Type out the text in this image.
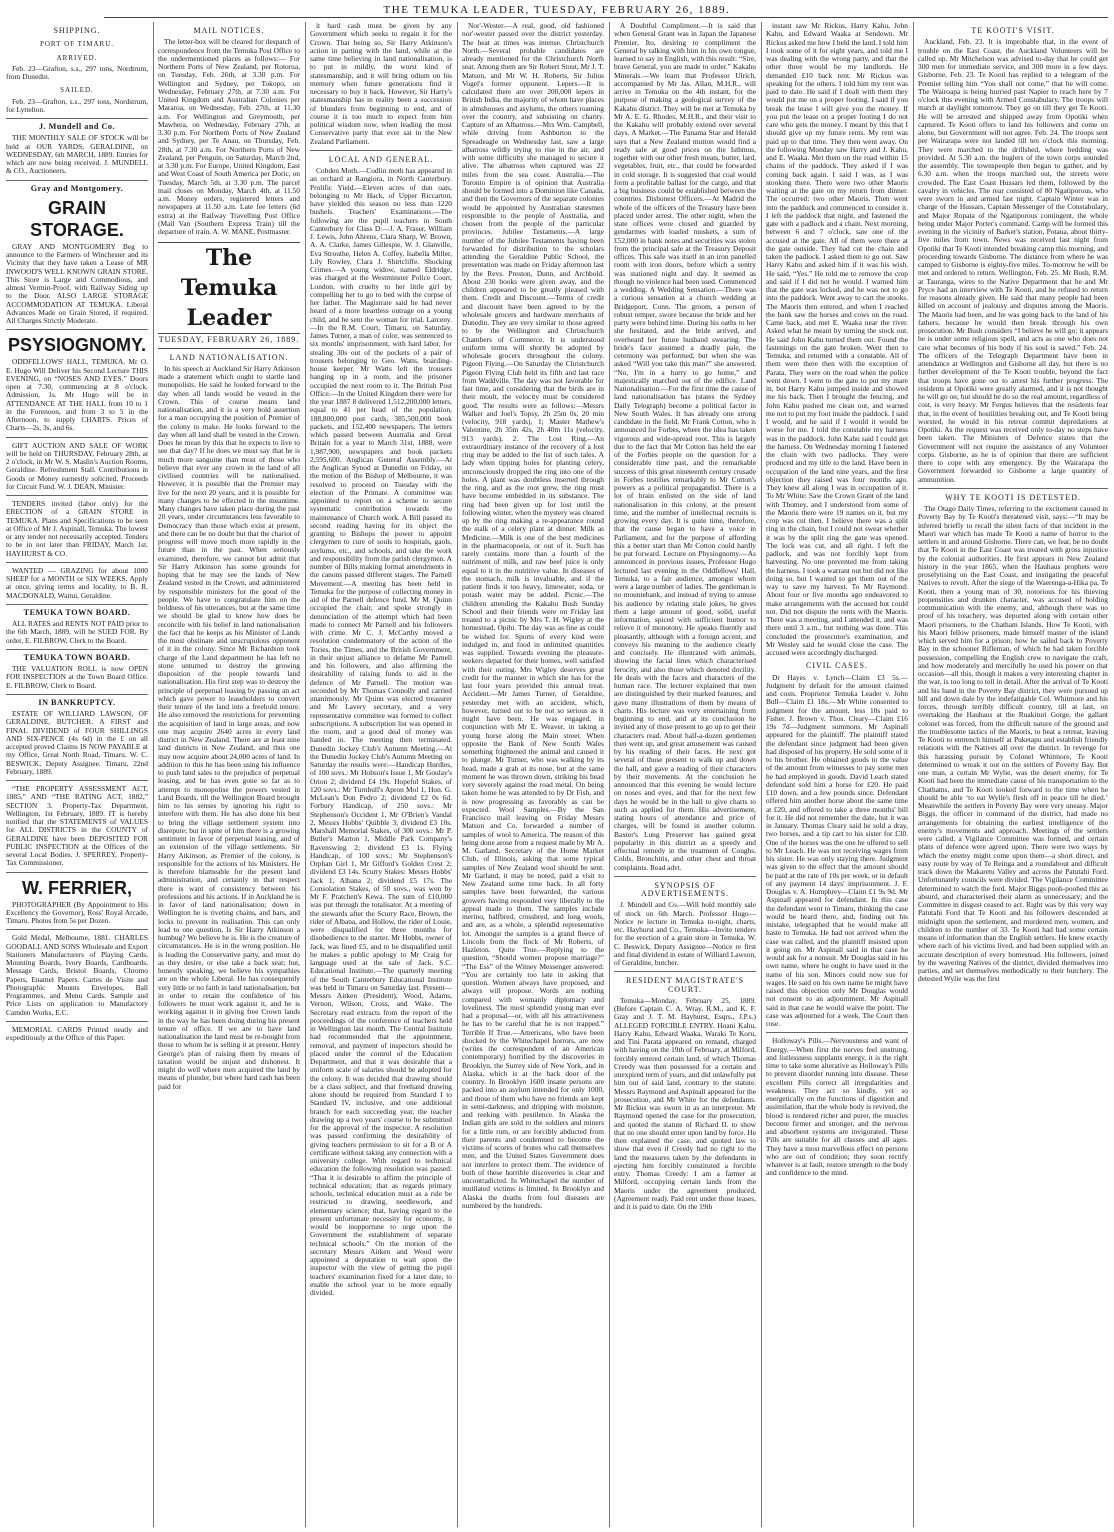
THE TEMUKA LEADER, TUESDAY, FEBRUARY 26, 1889.
SHIPPING.
PORT OF TIMARU.
ARRIVED.

Feb. 23—Grafton, s.s., 297 tons, Nordtrum, from Dunedin.

SAILED.

Feb. 23—Grafton, s.s., 297 tons, Nordstrum, for Lyttelton.

J. Mundell and Co.

THE MONTHLY SALE OF STOCK will be held at OUR YARDS, GERALDINE, on WEDNESDAY, 6th MARCH, 1889. Entries for which are now being received. J. MUNDELL & CO., Auctioneers.

Gray and Montgomery.
GRAIN STORAGE.

GRAY AND MONTGOMERY Beg to announce to the Farmers of Winchester and its Vicinity that they have taken a Lease of MR INWOOD'S WELL KNOWN GRAIN STORE. This Store is Large and Commodious, and almost Vermin-Proof, with Railway Siding up to the Door. ALSO LARGE STORAGE ACCOMMODATION AT TEMUKA. Liberal Advances Made on Grain Stored, if required. All Charges Strictly Moderate.

PSYSIOGNOMY.

ODDFELLOWS' HALL, TEMUKA. Mr O. E. Hugo Will Deliver his Second Lecture THIS EVENING, on “NOSES AND EYES.” Doors open at 7.30, commencing at 8 o'clock. Admission, 1s. Mr Hugo will be in ATTENDANCE AT THE HALL from 10 to 1 in the Forenoon, and from 3 to 5 in the Afternoon, to supply CHARTS. Prices of Charts—2s, 3s, and 6s.

GIFT AUCTION AND SALE OF WORK will be held on THURSDAY, February 28th, at 2 o'clock, in Mr W. S. Maslin's Auction Rooms, Geraldine. Refreshment Stall. Contributions in Goods or Money earnestly solicited. Proceeds for Circuit Fund. W. J. DEAN, Minister.

TENDERS invited (labor only) for the ERECTION of a GRAIN STORE in TEMUKA. Plans and Specifications to be seen at Office of Mr J. Aspinall, Temuka. The lowest or any tender not necessarily accepted. Tenders to be in not later than FRIDAY, March 1st. HAYHURST & CO.

WANTED — GRAZING for about 1000 SHEEP for a MONTH or SIX WEEKS. Apply at once, giving terms and locality, to B. R. MACDONALD, Waitui, Geraldine.

TEMUKA TOWN BOARD.

ALL RATES and RENTS NOT PAID prior to the 6th March, 1889, will be SUED FOR. By order, E. FILBROW, Clerk to the Board.

TEMUKA TOWN BOARD.

THE VALUATION ROLL is now OPEN FOR INSPECTION at the Town Board Office. E. FILBROW, Clerk to Board.

IN BANKRUPTCY.

ESTATE OF WILLIARD LAWSON, OF GERALDINE, BUTCHER. A FIRST and FINAL DIVIDEND of FOUR SHILLINGS AND SIX-PENCE (4s 6d) in the £ on all accepted proved Claims IS NOW PAYABLE at my Office, Great North Road, Timaru. W. C. BESWICK, Deputy Assignee. Timaru, 22nd February, 1889.

“THE PROPERTY ASSESSMENT ACT, 1885,” AND “THE RATING ACT, 1882,” SECTION 3. Property-Tax Department, Wellington, 1st February, 1889. IT is hereby notified that the STATEMENTS of VALUES for ALL DISTRICTS in the COUNTY of GERALDINE have been DEPOSITED FOR PUBLIC INSPECTION at the Offices of the several Local Bodies. J. SPERREY, Property-Tax Commissioner.

W. FERRIER,

PHOTOGRAPHER (By Appointment to His Excellency the Governor), Ross' Royal Arcade, Timaru. Photos from 5s per Dozen.

Gold Medal, Melbourne, 1881. CHARLES GOODALL AND SONS Wholesale and Export Stationers Manufacturers of Playing Cards, Mounting Boards, Ivory Boards, Cardboards, Message Cards, Bristol Boards, Chromo Papers, Enamel Papers. Cartes de Visite and Photographic Mounts Envelopes, Ball Programmes, and Menu Cards. Sample and Price Lists on application to Manufactory Camden Works, E.C.

MEMORIAL CARDS Printed neatly and expeditiously at the Office of this Paper.

MAIL NOTICES.

The letter-box will be cleared for despatch of correspondence from the Temuka Post Office to the undermentioned places as follows:— For Northern Ports of New Zealand, per Rotorua, on Tuesday, Feb. 26th, at 3.30 p.m. For Wellington and Sydney, per Tokopo, on Wednesday, February 27th, at 7.30 a.m. For United Kingdom and Australian Colonies per Mararoa, on Wednesday, Feb. 27th, at 11.30 a.m. For Wellington and Greymouth, per Mawhera, on Wednesday, February 27th, at 3.30 p.m. For Northern Ports of New Zealand and Sydney, per Te Anau, on Thursday, Feb. 28th, at 7.30 a.m. For Northern Ports of New Zealand, per Penguin, on Saturday, March 2nd, at 3.30 p.m. For Europe, United Kingdom, East and West Coast of South America per Doric, on Tuesday, March 5th, at 3.30 p.m. The parcel mail closes on Monday, March 4th, at 11.50 a.m. Money orders, registered letters and newspapers at 11.50 a.m. Late fee letters (6d extra) at the Railway Travelling Post Office (Mail Van (Southern Express Train) till the departure of train. A. W. MANE, Postmaster.

The Temuka Leader
TUESDAY, FEBRUARY 26, 1889.
LAND NATIONALISATION.

In his speech at Auckland Sir Harry Atkinson made a statement which ought to startle land monopolists. He said he looked forward to the day when all lands would be vested in the Crown. This of course means land nationalisation, and it is a very bold assertion for a man occupying the position of Premier of the colony to make. He looks forward to the day when all land shall be vested in the Crown. Does he mean by this that he expects to live to see that day? If he does we must say that he is much more sanguine than most of those who believe that ever any crown in the land of all civilised countries will be nationalised. However, it is possible that the Premier may live for the next 20 years, and it is possible for many changes to be effected in the meantime. Many changes have taken place during the past 20 years, under circumstances less favorable to Democracy than those which exist at present, and there can be no doubt but that the chariot of progress will move much more rapidly in the future than in the past. When seriously examined, therefore, we cannot but admit that Sir Harry Atkinson has some grounds for hoping that he may see the lands of New Zealand vested in the Crown, and administered by responsible ministers for the good of the people. We have to congratulate him on the boldness of his utterances, but at the same time we should be glad to know how does he reconcile with his belief in land nationalisation the fact that he keeps as his Minister of Lands the most obstinate and unscrupulous opponent of it in the colony. Since Mr Richardson took charge of the Land department he has left no stone unturned to destroy the growing disposition of the people towards land nationalisation. His first step was to destroy the principle of perpetual leasing by passing an act which gave power to leaseholders to convert their tenure of the land into a freehold tenure. He also removed the restrictions for preventing the acquisition of land in large areas, and now one may acquire 2640 acres in every land district in New Zealand. There are at least nine land districts in New Zealand, and thus one may now acquire about 24,000 acres of land. In addition to this he has been using his influence to push land sales to the prejudice of perpetual leasing, and he has even gone so far as to attempt to monopolise the powers vested in Land Boards, till the Wellington Board brought him to his senses by ignoring his right to interfere with them. He has also done his best to bring the village settlement system into disrepute; but in spite of him there is a growing sentiment in favor of perpetual leasing, and of an extension of the village settlements. Sir Harry Atkinson, as Premier of the colony, is responsible for the actions of his Ministers. He is therefore blameable for the present land administration, and certainly in that respect there is want of consistency between his professions and his actions. If in Auckland he is in favor of land nationalisation; down in Wellington he is riveting chains, and bars, and locks to prevent its realisation. This can only lead to one question, Is Sir Harry Atkinson a humbug? We believe he is. He is the creature of circumstances. He is in the wrong position. He is leading the Conservative party, and must do as they desire, or else take a back seat; but, honestly speaking, we believe his sympathies are on the whole Liberal. He has consequently very little or no faith in land nationalisation, but in order to retain the confidence of his followers he must work against it, and he is working against it in giving free Crown lands in the way he has been doing during his present tenure of office. If we are to have land nationalisation the land must be re-bought from those to whom he is selling it at present. Henry George's plan of raising them by means of taxation would be unjust and dishonest. It might do well where men acquired the land by means of plunder, but where hard cash has been paid for

it hard cash must be given by any Government which seeks to regain it for the Crown. That being so, Sir Harry Atkinson's action in parting with the land, while at the same time believing in land nationalisation, is to put in mildly, the worst kind of statesmanship, and it will bring odium on his memory when future generations find it necessary to buy it back. However, Sir Harry's statesmanship has in reality been a succession of blunders from beginning to end, and of course it is too much to expect from him political wisdom now, when leading the most Conservative party that ever sat in the New Zealand Parliament.

LOCAL AND GENERAL.

Cobden Moth.—Codlin moth has appeared in an orchard at Rangiora, in North Canterbury. Prolific Yield.—Eleven acres of dun oats, belonging to Mr Hack, of Upper Riccarton, have yielded this season no less than 1220 bushels. Teachers' Examinations.—The following are the pupil teachers in South Canterbury for Class D:—J. A. Fraser, William J. Lewis, John Ahrens, Clara Sharp, W. Brown, A. A. Clarke, James Gillespie, W. J. Glanville, Eva Strouthe, Helen A. Coffey, Isabella Miller, Lily Rowley, Clara J. Shirtcliffe. Shocking Crimes.—A young widow, named Eldridge, was charged at the Westminster Police Court, London, with cruelty to her little girl by compelling her to go to bed with the corpse of her father. The Magistrate said he had never heard of a more heartless outrage on a young child, and he sent the woman for trial. Larceny.—In the R.M. Court, Timaru, on Saturday, James Turner, a man of color, was sentenced to six months' imprisonment, with hard labor, for stealing 30s out of the pockets of a pair of trousers belonging to Geo. Watts, boarding-house keeper. Mr Watts left the trousers hanging up in a room, and the prisoner occupied the next room to it. The British Post Office.—In the United Kingdom there were for the year 1887 8 delivered 1,512,200,000 letters, equal to 41 per head of the population, 188,800,000 post cards, 385,500,000 book packets, and 152,400 newspapers. The letters which passed between Australia and Great Britain for a year to March 31st, 1888, were 1,987,900, newspapers and book packets 2,595,600. Anglican General Assembly.—At the Anglican Synod at Dunedin on Friday, on the motion of the Bishop of Melbourne, it was resolved to proceed on Tuesday with the election of the Primate. A committee was appointed to report on a scheme to secure systematic contribution towards the maintenance of Church work. A Bill passed its second reading having for its object the granting to Bishops the power to appoint clergymen to cure of souls to hospitals, gaols, asylums, etc., and schools, and take the work and responsibility from the parish clergymen. A number of Bills making formal amendments in the canons passed different stages. The Parnell Movement.—A meeting has been held in Temuka for the purpose of collecting money in aid of the Parnell defence fund. Mr M. Quinn occupied the chair, and spoke strongly in denunciation of the attempt which had been made to connect Mr Parnell and his followers with crime. Mr C. J. McCarthy moved a resolution condemnatory of the action of the Tories, the Times, and the British Government, in their unjust alliance to defame Mr Parnell and his followers, and also affirming the desirability of raising funds to aid in the defence of Mr Parnell. The motion was seconded by Mr Thomas Connolly and carried unanimously. Mr Quinn was elected treasurer and Mr Lavery secretary, and a very representative committee was formed to collect subscriptions. A subscription list was opened in the room, and a good deal of money was handed in. The meeting then terminated. Dunedin Jockey Club's Autumn Meeting.—At the Dunedin Jockey Club's Autumn Meeting on Saturday the results were:—Handicap Hurdles, of 100 sovs.: Mr Hobson's Issue 1, Mr Goulay's Orion 2; dividend £4 19s. Hopeful Stakes, of 120 sovs.: Mr Turnbull's Apron Mol 1, Hon. G. McLean's Don Pedro 2; dividend £2 0s 6d. Forbury Handicap, of 250 sovs.: Mr Stephenson's Occident 1, Mr O'Brien's Vandal 2, Messrs Hobbs' Quibble 3; dividend £3 10s. Marshall Memorial Stakes, of 300 sovs.: Mr P. Butler's Marton 1, Middle Park Company's Ravenswing 2; dividend £3 1s. Flying Handicap, of 100 sovs.: Mr Stephenson's Orphan Girl 1, Mr Gifford's Golden Crest 2; dividend £3 14s. Scurry Stakes: Messrs Hobbs' Jack 1, Albana 2; dividend £5 17s. The Consolation Stakes, of 50 sovs., was won by Mr F. Pratchett's Kewa. The sum of £10,000 was put through the totalisator. At a meeting of the stewards after the Scurry Race, Brown, the rider of Albana, and Hollow, the rider of Louie, were disqualified for three months for disobedience to the starter. Mr Hobbs, owner of Jack, was fined £5, and to be disqualified until he makes a public apology to Mr Craig for language used at the sale of Jack. S.C. Educational Institute.—The quarterly meeting of the South Canterbury Educational Institute was held in Timaru on Saturday last. Present—Messrs Aitken (President), Wood, Adams, Vernon, Wilson, Cross, and Wake. The Secretary read extracts from the report of the proceedings of the conference of teachers held in Wellington last month. The Central Institute had recommended that the appointment, removal, and payment of inspectors should be placed under the control of the Education Department, and that it was desirable that a uniform scale of salaries should be adopted for the colony. It was decided that drawing should be a class subject, and that freehand drawing alone should be required from Standard I to Standard IV, inclusive, and one additional branch for each succeeding year, the teacher drawing up a two years' course to be submitted for the approval of the inspector. A resolution was passed confirming the desirability of giving teachers permission to sit for a B or A certificate without taking any connection with a university college. With regard to technical education the following resolution was passed: “That it is desirable to affirm the principle of technical education; that as regards primary schools, technical education must as a rule be restricted to drawing, needlework, and elementary science; that, having regard to the present unfortunate necessity for economy, it would be inopportune to urge upon the Government the establishment of separate technical schools.” On the motion of the secretary Messrs Aitken and Wood were appointed a deputation to wait upon the inspector with the view of getting the pupil teachers' examination fixed for a later date, to enable the school year to be more equally divided.

Nor'-Wester.—A real, good, old fashioned nor'-wester passed over the district yesterday. The heat at times was intense. Christchurch North.—Several probable candidates are already mentioned for the Christchurch North seat. Among them are Sir Robert Stout, Mr J. T. Matson, and Mr W. H. Roberts, Sir Julius Vogel's former opponent. Lepers.—It is calculated there are over 200,000 lepers in British India, the majority of whom have places in almshouses and asylums, the others roaming over the country, and subsisting on charity. Capture of an Albatross.—Mrs Wm. Campbell, while driving from Ashburton to the Spreadeagle on Wednesday last, saw a large albatross wildly trying to rise in the air, and with some difficulty she managed to secure it alive. The albatross when captured was 22 miles from the sea coast. Australia.—The Toronto Empire is of opinion that Australia should be formed into a Dominion like Canada, and then the Governors of the separate colonies would be appointed by Australian statesmen responsible to the people of Australia, and chosen from the people of the particular provinces. Jubilee Testaments.—A large number of the Jubilee Testaments having been forwarded for distribution to the scholars attending the Geraldine Public School, the presentation was made on Friday afternoon last by the Revs. Preston, Dunn, and Archbold. About 230 books were given away, and the children appeared to be greatly pleased with them. Credit and Discount.—Terms of credit and discount have been agreed to by the wholesale grocers and hardware merchants of Dunedin. They are very similar to those agreed to by the Wellington and Christchurch Chambers of Commerce. It is understood uniform terms will shortly be adopted by wholesale grocers throughout the colony. Pigeon Flying.—On Saturday the Christchurch Pigeon Flying Club held its fifth and last race from Waddville. The day was not favorable for fast time, and considering that the birds are in their moult, the velocity must be considered good. The results were as follows:—Messrs Walker and Joel's Topsy, 2h 25m 0s, 20 min (velocity, 918 yards), 1; Master Mathew's Valentine, 2h 35m 42s, 2h 40m 11s (velocity, 913 yards), 2. The Lost Ring.—An extraordinary instance of the recovery of a lost ring may be added to the list of such tales. A lady when tipping holes for planting celery, unconsciously dropped the ring into one of the holes. A plant was doubtless inserted through the ring, and as the root grew, the ring must have become embedded in its substance. The ring had been given up for lost until the following winter, when the mystery was cleared up by the ring making a re-appearance round the stalk of a celery plant at dinner. Milk as Medicine.—Milk is one of the best medicines in the pharmacopoeia, or out of it. Such has rarely contains more than a fourth of the nutriment of milk, and raw beef juice is only equal to it in the nutritive value. In diseases of the stomach, milk is invaluable, and if the patient finds it too heavy, limewater, soda, or potash water may be added. Picnic.—The children attending the Kakahu Bush Sunday School and their friends were on Friday last treated to a picnic by Mrs T. H. Wigley at the homestead, Opihi. The day was as fine as could be wished for. Sports of every kind were indulged in, and food in unlimited quantities was supplied. Towards evening the pleasure-seekers departed for their homes, well satisfied with their outing. Mrs Wigley deserves great credit for the manner in which she has for the last four years provided this annual treat. Accident.—Mr James Turner, of Geraldine, yesterday met with an accident, which, however, turned out to be not so serious as it might have been. He was engaged, in conjunction with Mr E. Weaver, in taking a young horse along the Main street. When opposite the Bank of New South Wales something frightened the animal and caused it to plunge. Mr Turner, who was walking by its head, made a grab at its nose, but at the same moment he was thrown down, striking his head very severely against the road metal. On being taken home he was attended to by Dr Fish, and is now progressing as favorably as can be expected. Wool Samples.—By the San Francisco mail leaving on Friday Messrs Matson and Co. forwarded a number of samples of wool to America. The reason of this being done arose from a request made by Mr A. M. Garland, Secretary of the Home Market Club, of Illinois, asking that some typical samples of New Zealand wool should be sent. Mr Garland, it may be noted, paid a visit to New Zealand some time back. In all forty samples have been forwarded, the various growers having responded very liberally to the appeal made to them. The samples include merino, halfbred, crossbred, and long wools, and are, as a whole, a splendid representative lot. Amongst the samples is a grand fleece of Lincoln from the flock of Mr Roberts, of Hazleton. Quite True.—Replying to the question, “Should women propose marriage?” “The Ess” of the Witney Messenger answered: “You are certainly too late in asking that question. Women always have proposed, and always will propose. Words are nothing compared with womanly diplomacy and loveliness. The most splendid young man ever had a proposal—or, with all his attractiveness he has to be careful that he is not trapped.” Terrible If True.—Americans, who have been shocked by the Whitechapel horrors, are now (writes the correspondent of an American contemporary) horrified by the discoveries in Brooklyn, the Surrey side of New York, and in Alaska, which is at the back door of the country. In Brooklyn 1600 insane persons are packed into an asylum intended for only 1000, and those of them who have no friends are kept in semi-darkness, and dripping with moisture, and reeking with pestilence. In Alaska the Indian girls are sold to the soldiers and miners for a little rum, or are forcibly abducted from their parents and condemned to become the victims of scores of brutes who call themselves men, and the United States Government does not interfere to protect them. The evidence of both of these horrible discoveries is clear and uncontradicted. In Whitechapel the number of mutilated victims is limited. In Brooklyn and Alaska the deaths from foul diseases are numbered by the hundreds.

A Doubtful Compliment.—It is said that when General Grant was in Japan the Japanese Premier, Ito, desiring to compliment the General by talking with him in his own tongue, learned to say in English, with this result: “Sire, brave General, you are made to order.” Kakahu Minerals.—We learn that Professor Ulrich, accompanied by Mr Jas. Allan, M.H.R., will arrive in Temuka on the 4th instant, for the purpose of making a geological survey of the Kakahu district. They will be met at Temuka by Mr A. E. G. Rhodes, M.H.R., and their visit to the Kakahu will probably extend over several days. A Market.—The Panama Star and Herald says that a New Zealand mutton would find a ready sale at good prices on the Isthmus, together with our other fresh meats, butter, lard, vegetables, fruit, etc., that could be forwarded in cold storage. It is suggested that coal would form a profitable ballast for the cargo, and that a big business could be established between the countries. Dishonest Officers.—At Madrid the whole of the officers of the Treasury have been placed under arrest. The other night, when the state offices were closed and guarded by gendarmes with loaded muskets, a sum of £52,000 in bank notes and securities was stolen from the principal safe at the Treasury Deposit offices. This safe was itself in an iron panelled room with iron doors, before which a sentry was stationed night and day. It seemed as though no violence had been used. Commenced a wedding. A Wedding Sensation.—There was a curious sensation at a church wedding at Bridgeport, Conn. The groom, a person of robust temper, swore because the bride and her party were behind time. During his oaths to her she hesitated, and the bride arrived, and overheard her future husband swearing. The bride's face assumed a deadly pale, the ceremony was performed, but when she was asked “Will you take this man?” she answered, “No, I'm in a hurry to go home,” and majestically marched out of the edifice. Land Nationalisation.—For the first time the cause of land nationalisation has (states the Sydney Daily Telegraph) become a political factor in New South Wales. It has already one strong candidate in the field, Mr Frank Cotton, who is announced for Forbes, where the idea has taken vigorous and wide-spread root. This is largely due to the fact that Mr Cotton has held the ear of the Forbes people on the question for a considerable time past, and the remarkable success of this great nineteenth century crusade in Forbes testifies remarkably to Mr Cotton's powers as a political propagandist. There is a lot of brain enlisted on the side of land nationalisation in this colony, at the present time, and the number of intellectual recruits is growing every day. It is quite time, therefore, that the cause began to have a voice in Parliament, and for the purpose of affording this a better start than Mr Cotton could hardly be put forward. Lecture on Physiognomy.—As announced in previous issues, Professor Hugo lectured last evening in the Oddfellows' Hall, Temuka, to a fair audience, amongst whom were a large number of ladies. The gentleman is no mountebank, and instead of trying to amuse his audience by relating stale jokes, he gives them a large amount of good, solid, useful information, spiced with sufficient humor to relieve it of monotony. He speaks fluently and pleasantly, although with a foreign accent, and conveys his meaning to the audience clearly and concisely. He illustrated with animals, showing the facial lines which characterised ferocity, and also those which denoted docility. He deals with the faces and characters of the human race. The lecturer explained that men are distinguished by their marked features, and gave many illustrations of them by means of charts. His lecture was very entertaining from beginning to end, and at its conclusion he invited any of those present to go up to get their characters read. About half-a-dozen gentlemen then went up, and great amusement was caused by his reading of their faces. He next got several of those present to walk up and down the hall, and gave a reading of their characters by their movements. At the conclusion he announced that this evening he would lecture on noses and eyes, and that for the next few days he would be in the hall to give charts to such as applied for them. His advertisement, stating hours of attendance and price of charges, will be found in another column. Baxter's Lung Preserver has gained great popularity in this district as a speedy and effectual remedy in the treatment of Coughs, Colds, Bronchitis, and other chest and throat complaints. Read advt.

SYNOPSIS OF ADVERTISEMENTS.

J. Mundell and Co.—Will hold monthly sale of stock on 6th March. Professor Hugo—Notice re lecture in Temuka to-night, charts, etc. Hayhurst and Co., Temuka—Invite tenders for the erection of a grain store in Temuka. W. C. Beswick, Deputy Assignee—Notice re first and final dividend in estate of Williard Lawson, of Geraldine, butcher.

RESIDENT MAGISTRATE'S COURT.

Temuka—Monday, February 25, 1889. (Before Captain C. A. Wray, R.M., and K. F. Gray and J. T. M. Hayhurst, Esqrs., J.P.s.) ALLEGED FORCIBLE ENTRY. Hoani Kahu, Harry Kahu, Edward Waaka, Waraki Te Koru, and Tini Parata appeared on remand, charged with having on the 19th of February, at Milford, forcibly entered certain land, of which Thomas Creedy was then possessed for a certain and unexpired term of years, and did unlawfully put him out of said land, contrary to the statute. Messrs Raymond and Aspinall appeared for the prosecution, and Mr White for the defendants. Mr Rickus was sworn in as an interpreter. Mr Raymond opened the case for the prosecution, and quoted the statute of Richard II. to show that no one should enter upon land by force. He then explained the case, and quoted law to show that even if Creedy had no right to the land the measures taken by the defendants in ejecting him forcibly constituted a forcible entry. Thomas Creedy: I am a farmer at Milford, occupying certain lands from the Maoris under the agreement produced, (Agreement read). Paid rent under those leases, and it is paid to date. On the 19th

instant saw Mr Rickus, Harry Kahu, John Kahu, and Edward Waaka at Sendown. Mr Rickus asked me how I held the land. I told him I took some of it for eight years, and told me I was dealing with the wrong party, and that the other three would be my landlords. He demanded £10 back rent. Mr Rickus was speaking for the others. I told him my rent was paid to date. He said if I dealt with them they would put me on a proper footing. I said if you break the lease I will give you the money. If you put the lease on a proper footing I do not care who gets the money. I meant by this that I should give up my future rents. My rent was paid up to that time. They then went away. On the following Monday saw Harry and J. Kahu, and E. Waaka. Met them on the road within 15 chains of the paddock. They asked if I was coming back again. I said I was, as I was stooking there. There were two other Maoris waiting at the gate on my return from dinner. The occurred: two other Maoris. Then went into the paddock and commenced to consider it. I left the paddock that night, and fastened the gate with a padlock and a chain. Next morning, between 6 and 7 o'clock, saw one of the accused at the gate. All of them were there at the gate outside. They had cut the chain and taken the padlock. I asked them to go out. Saw Harry Kahu and asked him if it was his wish. He said, “Yes.” He told me to remove the crop and said if I did not he would. I warned him that the gate was locked, and he was not to go into the paddock. Went away to cart the stooks. The Maoris then entered, and when I reached the bank saw the horses and cows on the road. Came back, and met E. Waaka near the river. Asked what he meant by turning the stock out. He said John Kahu turned them out. Found the fastenings on the gate broken. Went then to Temuka, and returned with a constable. All of them were there then with the exception of Parata. They were on the road when the police went down. I went to the gate to put my mare in, but Harry Kahu jumped inside and showed me his back. Then I brought the fencing, and John Kahu pushed me clean out, and warned me not to put my foot inside the paddock. I said I would, and he said if I would it would be worse for me. I told the constable my harness was in the paddock. John Kahu said I could get the harness. On Wednesday morning I fastened the chain with two padlocks. They were produced and my title to the land. Have been in occupation of the land nine years, and the first objection they raised was four months ago. They knew all along I was in occupation of it. To Mr White: Saw the Crown Grant of the land with Thomey, and I understood from some of the Maoris there were 19 names on it, but my crop was cut then. I believe there was a split ring in the chain, but I could not swear whether it was by the split ring the gate was opened. The lock was cut, and all right. I left the padlock, and was not forcibly kept from harvesting. No one prevented me from taking the harness. I took a warrant out but did not like doing so, but I wanted to get them out of the way to save my harvest. To Mr Raymond: About four or five months ago endeavored to make arrangements with the accused but could not. Did not dispute the rents with the Maoris. There was a meeting, and I attended it, and was there until 3 a.m., but nothing was done. This concluded the prosecutor's examination, and Mr Wesley said he would close the case. The accused were accordingly discharged.

CIVIL CASES.

Dr Hayes v. Lynch—Claim £3 5s.—Judgment by default for the amount claimed and costs. Proprietor Temuka Leader v. John Bull—Claim £1 18s.—Mr White consented to judgment for the amount, less 10s paid to Fisher. J. Brown v. Thos. Cleary—Claim £16 19s 7d—Judgment summons. Mr Aspinall appeared for the plaintiff. The plaintiff stated the defendant since judgment had been given had disposed of his property. He sold some of it to his brother. He obtained goods to the value of the amount from witnesses to pay some men he had employed in goods. David Leach stated defendant sold him a horse for £20. He paid £10 down, and a few pounds since. Defendant offered him another horse about the same time at £20, and offered to take a three months' bill for it. He did not remember the date, but it was in January. Thomas Cleary said he sold a dray, two horses, and a tip cart to his sister for £30. One of the horses was the one he offered to sell to Mr Leach. He was not receiving wages from his sister. He was only staying there. Judgment was given to the effect that the amount should be paid at the rate of 10s per week, or in default of any payment 14 days' imprisonment. J. F. Douglas v. A. Humphrey—Claim £1 9s 9d. Mr Aspinall appeared for defendant. In this case the defendant went to Timaru, thinking the case would be heard there, and, finding out his mistake, telegraphed that he would make all haste to Temuka. He had not arrived when the case was called, and the plaintiff insisted upon it going on. Mr Aspinall said in that case he would ask for a nonsuit. Mr Douglas said in his own name, where he ought to have sued in the name of his son. Minors could now sue for wages. He said on his own name he might have raised this objection only Mr Douglas would not consent to an adjournment. Mr Aspinall said in that case he would waive the point. The case was adjourned for a week. The Court then rose.

Holloway's Pills.—Nervousness and want of Energy.—When first the nerves feel unstrung, and listlessness supplants energy, it is the right time to take some alterative as Holloway's Pills to prevent disorder running into disease. These excellent Pills correct all irregularities and weakness. They act so kindly, yet so energetically on the functions of digestion and assimilation, that the whole body is revived, the blood is rendered richer and purer, the muscles become firmer and stronger, and the nervous and absorbent systems are invigorated. These Pills are suitable for all classes and all ages. They have a most marvellous effect on persons who are out of condition; they soon rectify whatever is at fault, restore strength to the body and confidence to the mind.

TE KOOTI'S VISIT.

Auckland, Feb. 23. It is improbable that, in the event of trouble on the East Coast, the Auckland Volunteers will be called up. Mr Mitchelson was advised to-day that he could get 300 men for immediate service, and 300 more in a few days. Gisborne, Feb. 23. Te Kooti has replied to a telegram of the Premier telling him “You shall not come,” that he will come. The Wairoapa is being hurried past Napier to reach here by 7 o'clock this evening with Armed Constabulary. The troops will march at daylight tomorrow. They go on till they get Te Kooti. He will be arrested and shipped away from Opotiki when captured. Te Kooti offers to land his followers and come on alone, but Government will not agree. Feb. 24. The troops sent per Wairarapa were not landed till ten o'clock this morning. They were marched to the drillshed, where bedding was provided. At 5.30 a.m. the buglers of the town corps sounded the assembly. The townspeople then began to gather, and by 6.30 a.m. when the troops marched out, the streets were crowded. The East Coast Hussars led them, followed by the cavalry in vehicles. The rear consisted of 80 Ngatiporous, who were sworn in and armed last night. Captain Winter was in charge of the Hussars, Captain Messenger of the Constabulary, and Major Ropata of the Ngatiporous contingent, the whole being under Major Porter's command. Camp will be formed this evening in the vicinity of Barker's station, Potaua, about thirty-five miles from town. News was received last night from Opotiki that Te Kooti intended breaking camp this morning, and proceeding towards Gisborne. The distance from where he was camped to Gisborne is eighty-five miles. To-morrow he will be met and ordered to return. Wellington, Feb. 25. Mr Bush, R.M. at Tauranga, wires to the Native Department that he and Mr Pryce had an interview with Te Kooti, and he refused to return for reasons already given. He said that many people had been killed on account of jealousy and disputes among the Maoris. The Maoris had been, and he was going back to the land of his fathers, because he would then break through his own prosecution. Mr Bush considers “I believe he will go; it appears he is under some religious spell, and acts as one who does not care what becomes of his body if his soul is saved.” Feb. 24. The officers of the Telegraph Department have been in attendance at Wellington and Gisborne all day, but there is no further development of the Te Kooti trouble, beyond the fact that troops have gone out to arrest his further progress. The residents at Opotiki were greatly alarmed, and it is not thought he will go on; but should he do so the real amount, regardless of cost, is very heavy. Mr Fergus believes that the residents fear that, in the event of hostilities breaking out, and Te Kooti being worsted, he would in his retreat commit depredations at Opotiki. As the request was received only to-day no steps have been taken. The Ministers of Defence states that the Government will not require the assistance of any Volunteer corps. Gisborne, as he is of opinion that there are sufficient there to cope with any emergency. By the Wairarapa the Government forwarded to Gisborne a large quantity of ammunition.

WHY TE KOOTI IS DETESTED.

The Otago Daily Times, referring to the excitement caused in Poverty Bay by Te Kooti's threatened visit, says:—“It may be inferred briefly to recall the silent facts of that incident in the Maori war which has made Te Kooti a name of horror to the settlers in and around Gisborne. There can, we fear, be no doubt that Te Kooti in the East Coast was treated with gross injustice by the colonial authorities. He first appears in New Zealand history in the year 1865, when the Hauhaus prophets were proselytising on the East Coast, and instigating the peaceful Natives to revolt. After the siege of the Waerenga-a-Hika pa, Te Kooti, then a young man of 30, notorious for his thieving propensities and drunken character, was accused of holding communication with the enemy, and, although there was no proof of his treachery, was deported along with certain other Maori prisoners, to the Chatham Islands. How Te Kooti, with his Maori fellow prisoners, made himself master of the island which served him for a prison; how he sailed back to Poverty Bay in the schooner Rifleman, of which he had taken forcible possession, compelling the English crew to navigate the craft, and how moderately and mercifully he used his power on that occasion—all this, though it makes a very interesting chapter in the war, is too long to tell in detail. After the arrival of Te Kooti and his band in the Poverty Bay district, they were pursued up hill and down dale by the indefatigable Col. Whitmore and his forces, through terribly difficult country, till at last, on overtaking the Hauhaus at the Ruakituri Gorge, the gallant colonel was forced, from the difficult nature of the ground and the troublesome tactics of the Maoris, to beat a retreat, leaving Te Kooti to entrench himself at Puketapu and establish friendly relations with the Natives all over the district. In revenge for this harassing pursuit by Colonel Whitmore, Te Kooti determined to wreak it out on the settlers of Poverty Bay. But one man, a certain Mr Wylie, was the desert enemy, for Te Kooti had been the immediate cause of his transportation to the Chathams, and Te Kooti looked forward to the time when he should be able ‘to eat Wylie's flesh off in peace till he died.’ Meanwhile the settlers in Poverty Bay were very uneasy. Major Biggs, the officer in command of the district, had made no arrangements for obtaining the earliest intelligence of the enemy's movements and approach. Meetings of the settlers were called, a Vigilance Committee was formed, and certain plans of defence were agreed upon. There were two ways by which the enemy might come upon them—a short direct, and easy route by way of Te Reinga and a roundabout and difficult track down the Makaretu Valley and across the Patutahi Ford. Unfortunately councils were divided. The Vigilance Committee determined to watch the ford. Major Biggs pooh-poohed this as absurd, and characterised their alarm as unnecessary; and the Committee in disgust ceased to act. Right was by this very way Patutahi Ford that Te Kooti and his followers descended at midnight upon the settlement, and murdered men, women, and children to the number of 33. Te Kooti had had some certain means of information than the English settlers. He knew exactly where each of his victims lived, and had been supplied with an accurate description of every homestead. His followers, joined by the wavering Natives of the district, divided themselves into parties, and set themselves methodically to their butchery. The detested Wylie was the first
